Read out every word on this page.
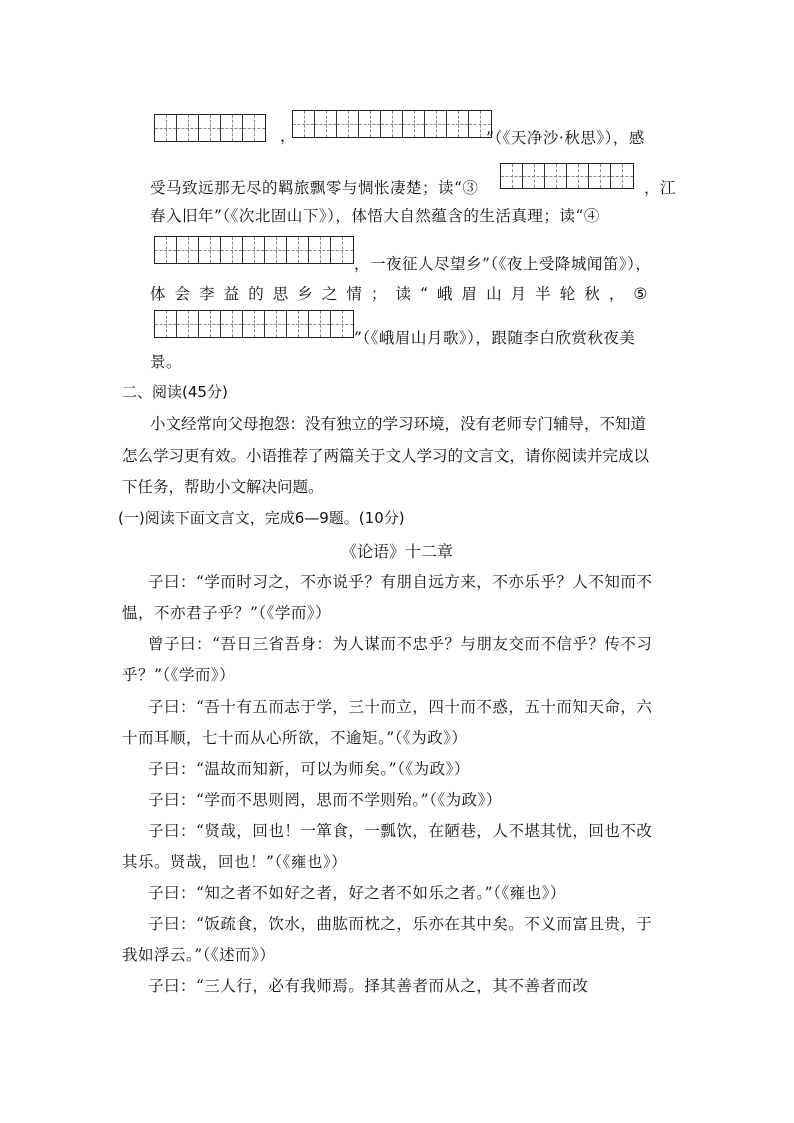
，	”（《天净沙·秋思》），感
受马致远那无尽的羁旅飘零与惆怅凄楚；读“③	，江
春入旧年”（《次北固山下》），体悟大自然蕴含的生活真理；读“④
，一夜征人尽望乡”（《夜上受降城闻笛》），
体 会 李 益 的 思 乡 之 情 ； 读 “ 峨 眉 山 月 半 轮 秋 ， ⑤
”（《峨眉山月歌》），跟随李白欣赏秋夜美
景。
二、阅读(45分)
小文经常向父母抱怨：没有独立的学习环境，没有老师专门辅导，不知道
怎么学习更有效。小语推荐了两篇关于文人学习的文言文，请你阅读并完成以
下任务，帮助小文解决问题。
(一)阅读下面文言文，完成6—9题。(10分)
《论语》十二章
子曰：“学而时习之，不亦说乎？有朋自远方来，不亦乐乎？人不知而不
愠，不亦君子乎？”（《学而》）
曾子曰：“吾日三省吾身：为人谋而不忠乎？与朋友交而不信乎？传不习
乎？”（《学而》）
子曰：“吾十有五而志于学，三十而立，四十而不惑，五十而知天命，六
十而耳顺，七十而从心所欲，不逾矩。”（《为政》）
子曰：“温故而知新，可以为师矣。”（《为政》）
子曰：“学而不思则罔，思而不学则殆。”（《为政》）
子曰：“贤哉，回也！一箪食，一瓢饮，在陋巷，人不堪其忧，回也不改
其乐。贤哉，回也！”（《雍也》）
子曰：“知之者不如好之者，好之者不如乐之者。”（《雍也》）
子曰：“饭疏食，饮水，曲肱而枕之，乐亦在其中矣。不义而富且贵，于
我如浮云。”（《述而》）
子曰：“三人行，必有我师焉。择其善者而从之，其不善者而改
